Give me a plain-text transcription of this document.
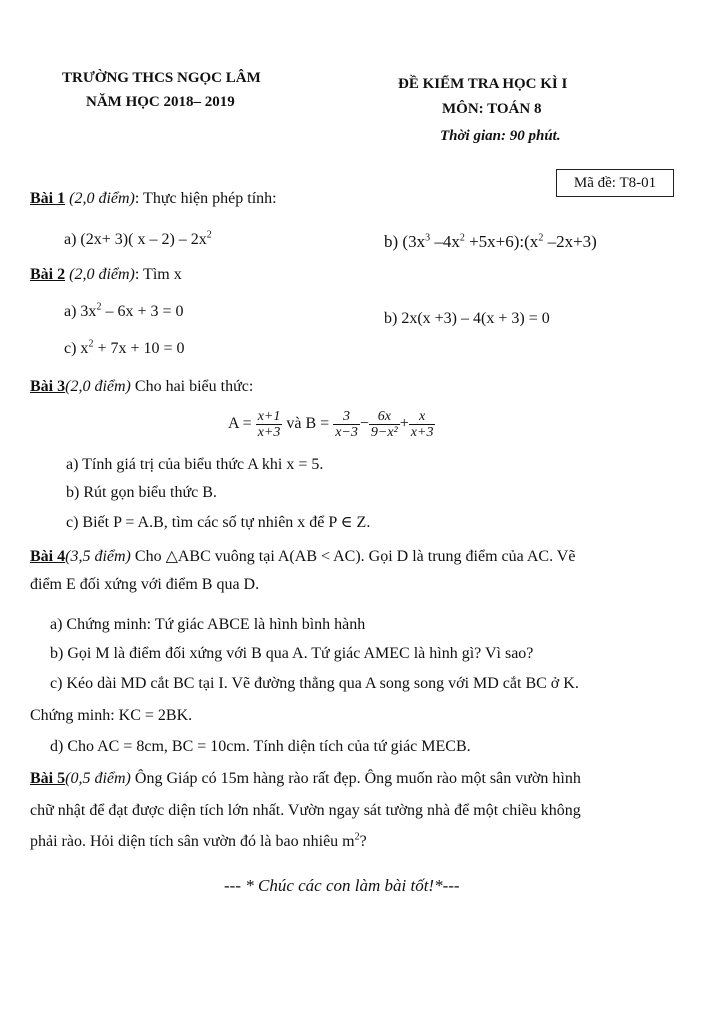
TRƯỜNG THCS NGỌC LÂM
NĂM HỌC 2018– 2019
ĐỀ KIỂM TRA HỌC KÌ I
MÔN: TOÁN 8
Thời gian: 90 phút.
Mã đề: T8-01
Bài 1 (2,0 điểm): Thực hiện phép tính:
a) (2x+ 3)( x – $2) - 2x^2$	b) ($3x^3$ $-4x^2$ $+5x+6):(x^2$ –2x+3)
Bài 2 (2,0 điểm): Tìm x
a) $3x^2 - 6x + 3 = 0$	b) 2x(x +3) – 4(x + 3) = 0
c) $x^2 + 7x + 10 = 0$
Bài 3(2,0 điểm) Cho hai biểu thức:
$A = \frac{x+1}{x+3}$ và $B = \frac{3}{x-3} - \frac{6x}{\text{9−x²}} + \frac{x}{x+3}$
a) Tính giá trị của biểu thức A khi x = 5.
b) Rút gọn biểu thức B.
c) Biết P = A.B, tìm các số tự nhiên x để P ∈ Z.
Bài 4(3,5 điểm) Cho △ABC vuông tại A(AB < AC). Gọi D là trung điểm của AC. Vẽ
điểm E đối xứng với điểm B qua D.
a) Chứng minh: Tứ giác ABCE là hình bình hành
b) Gọi M là điểm đối xứng với B qua A. Tứ giác AMEC là hình gì? Vì sao?
c) Kéo dài MD cắt BC tại I. Vẽ đường thẳng qua A song song với MD cắt BC ở K.
Chứng minh: KC = 2BK.
d) Cho AC = 8cm, BC = 10cm. Tính diện tích của tứ giác MECB.
Bài 5(0,5 điểm) Ông Giáp có 15m hàng rào rất đẹp. Ông muốn rào một sân vườn hình
chữ nhật để đạt được diện tích lớn nhất. Vườn ngay sát tường nhà để một chiều không
phải rào. Hỏi diện tích sân vườn đó là bao nhiêu $m^2$?
--- * Chúc các con làm bài tốt!*---
